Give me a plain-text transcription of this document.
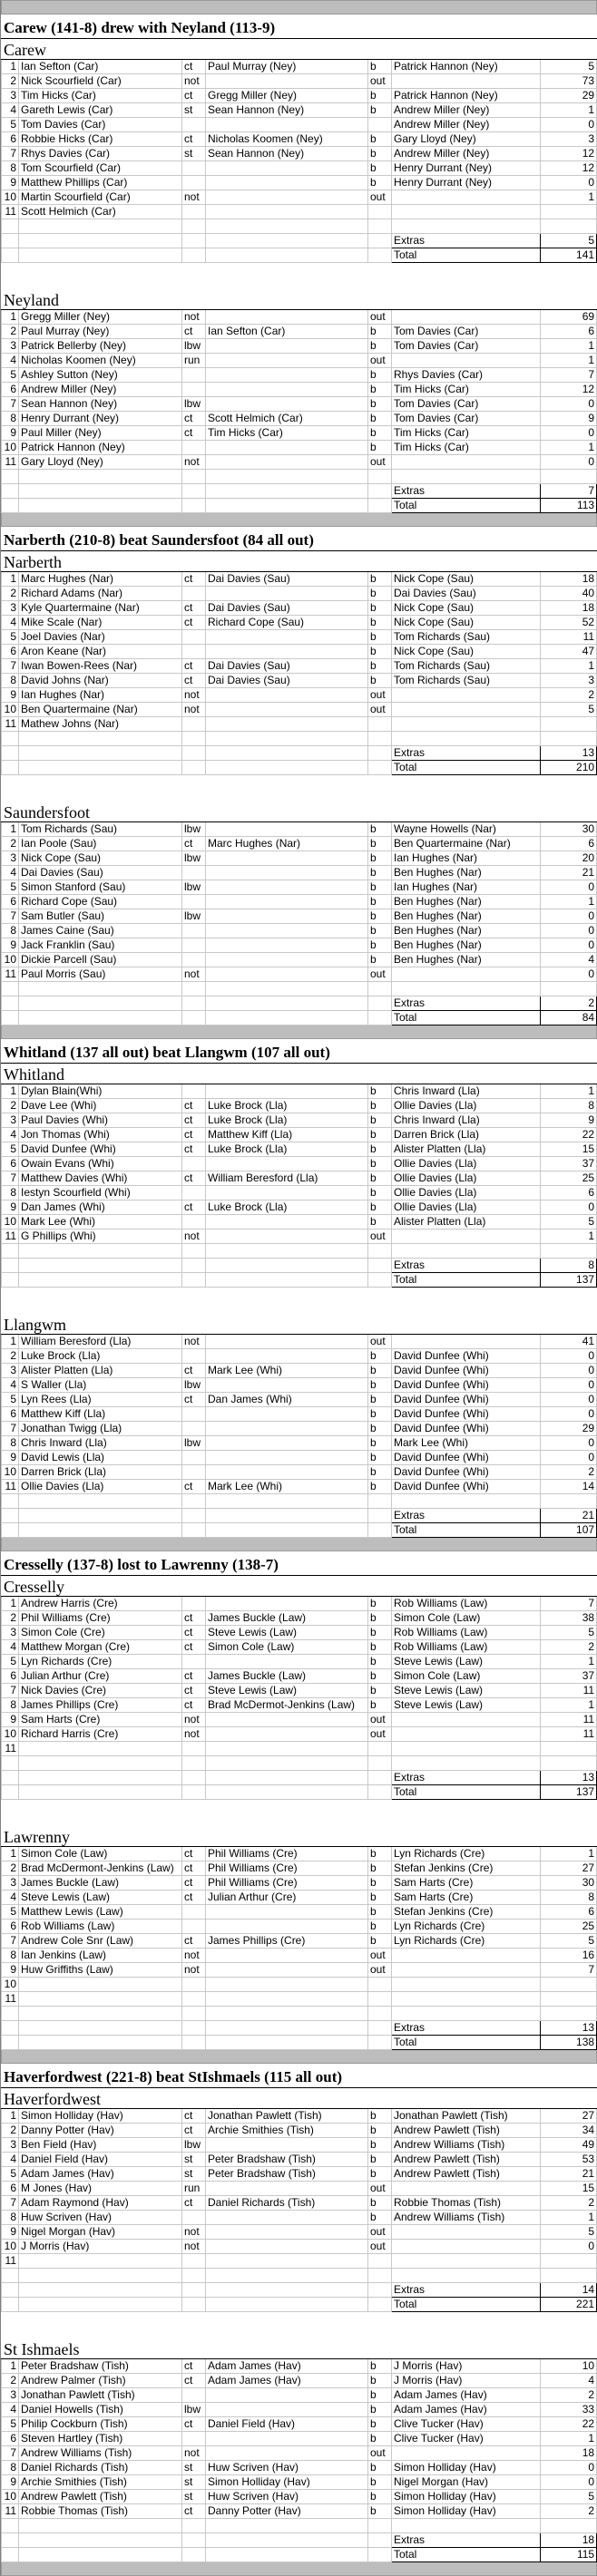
Carew (141-8) drew with Neyland (113-9)						
Carew						
1	Ian Sefton (Car)	ct	Paul Murray (Ney)	b	Patrick Hannon (Ney)	5
2	Nick Scourfield (Car)	not		out		73
3	Tim Hicks (Car)	ct	Gregg Miller (Ney)	b	Patrick Hannon (Ney)	29
4	Gareth Lewis (Car)	st	Sean Hannon (Ney)	b	Andrew Miller (Ney)	1
5	Tom Davies (Car)				Andrew Miller (Ney)	0
6	Robbie Hicks (Car)	ct	Nicholas Koomen (Ney)	b	Gary Lloyd (Ney)	3
7	Rhys Davies (Car)	st	Sean Hannon (Ney)	b	Andrew Miller (Ney)	12
8	Tom Scourfield (Car)			b	Henry Durrant (Ney)	12
9	Matthew Phillips (Car)			b	Henry Durrant (Ney)	0
10	Martin Scourfield (Car)	not		out		1
11	Scott Helmich (Car)					

					Extras	5
					Total	141

Neyland						
1	Gregg Miller (Ney)	not		out		69
2	Paul Murray (Ney)	ct	Ian Sefton (Car)	b	Tom Davies (Car)	6
3	Patrick Bellerby (Ney)	lbw		b	Tom Davies (Car)	1
4	Nicholas Koomen (Ney)	run		out		1
5	Ashley Sutton (Ney)			b	Rhys Davies (Car)	7
6	Andrew Miller (Ney)			b	Tim Hicks (Car)	12
7	Sean Hannon (Ney)	lbw		b	Tom Davies (Car)	0
8	Henry Durrant (Ney)	ct	Scott Helmich (Car)	b	Tom Davies (Car)	9
9	Paul Miller (Ney)	ct	Tim Hicks (Car)	b	Tim Hicks (Car)	0
10	Patrick Hannon (Ney)			b	Tim Hicks (Car)	1
11	Gary Lloyd (Ney)	not		out		0

					Extras	7
					Total	113

Narberth (210-8) beat Saundersfoot (84 all out)						
Narberth						
1	Marc Hughes (Nar)	ct	Dai Davies (Sau)	b	Nick Cope (Sau)	18
2	Richard Adams (Nar)			b	Dai Davies (Sau)	40
3	Kyle Quartermaine (Nar)	ct	Dai Davies (Sau)	b	Nick Cope (Sau)	18
4	Mike Scale (Nar)	ct	Richard Cope (Sau)	b	Nick Cope (Sau)	52
5	Joel Davies (Nar)			b	Tom Richards (Sau)	11
6	Aron Keane (Nar)			b	Nick Cope (Sau)	47
7	Iwan Bowen-Rees (Nar)	ct	Dai Davies (Sau)	b	Tom Richards (Sau)	1
8	David Johns (Nar)	ct	Dai Davies (Sau)	b	Tom Richards (Sau)	3
9	Ian Hughes (Nar)	not		out		2
10	Ben Quartermaine (Nar)	not		out		5
11	Mathew Johns (Nar)					

					Extras	13
					Total	210

Saundersfoot						
1	Tom Richards (Sau)	lbw		b	Wayne Howells (Nar)	30
2	Ian Poole (Sau)	ct	Marc Hughes (Nar)	b	Ben Quartermaine (Nar)	6
3	Nick Cope (Sau)	lbw		b	Ian Hughes (Nar)	20
4	Dai Davies (Sau)			b	Ben Hughes (Nar)	21
5	Simon Stanford (Sau)	lbw		b	Ian Hughes (Nar)	0
6	Richard Cope (Sau)			b	Ben Hughes (Nar)	1
7	Sam Butler (Sau)	lbw		b	Ben Hughes (Nar)	0
8	James Caine (Sau)			b	Ben Hughes (Nar)	0
9	Jack Franklin (Sau)			b	Ben Hughes (Nar)	0
10	Dickie Parcell (Sau)			b	Ben Hughes (Nar)	4
11	Paul Morris (Sau)	not		out		0

					Extras	2
					Total	84

Whitland (137 all out) beat Llangwm (107 all out)						
Whitland						
1	Dylan Blain(Whi)			b	Chris Inward (Lla)	1
2	Dave Lee (Whi)	ct	Luke Brock (Lla)	b	Ollie Davies (Lla)	8
3	Paul Davies (Whi)	ct	Luke Brock (Lla)	b	Chris Inward (Lla)	9
4	Jon Thomas (Whi)	ct	Matthew Kiff (Lla)	b	Darren Brick (Lla)	22
5	David Dunfee (Whi)	ct	Luke Brock (Lla)	b	Alister Platten (Lla)	15
6	Owain Evans (Whi)			b	Ollie Davies (Lla)	37
7	Matthew Davies (Whi)	ct	William Beresford (Lla)	b	Ollie Davies (Lla)	25
8	Iestyn Scourfield (Whi)			b	Ollie Davies (Lla)	6
9	Dan James (Whi)	ct	Luke Brock (Lla)	b	Ollie Davies (Lla)	0
10	Mark Lee (Whi)			b	Alister Platten (Lla)	5
11	G Phillips (Whi)	not		out		1

					Extras	8
					Total	137

Llangwm						
1	William Beresford (Lla)	not		out		41
2	Luke Brock (Lla)			b	David Dunfee (Whi)	0
3	Alister Platten (Lla)	ct	Mark Lee (Whi)	b	David Dunfee (Whi)	0
4	S Waller (Lla)	lbw		b	David Dunfee (Whi)	0
5	Lyn Rees (Lla)	ct	Dan James (Whi)	b	David Dunfee (Whi)	0
6	Matthew Kiff (Lla)			b	David Dunfee (Whi)	0
7	Jonathan Twigg (Lla)			b	David Dunfee (Whi)	29
8	Chris Inward (Lla)	lbw		b	Mark Lee (Whi)	0
9	David Lewis (Lla)			b	David Dunfee (Whi)	0
10	Darren Brick (Lla)			b	David Dunfee (Whi)	2
11	Ollie Davies (Lla)	ct	Mark Lee (Whi)	b	David Dunfee (Whi)	14

					Extras	21
					Total	107

Cresselly (137-8) lost to Lawrenny (138-7)						
Cresselly						
1	Andrew Harris (Cre)			b	Rob Williams (Law)	7
2	Phil Williams (Cre)	ct	James Buckle (Law)	b	Simon Cole (Law)	38
3	Simon Cole (Cre)	ct	Steve Lewis (Law)	b	Rob Williams (Law)	5
4	Matthew Morgan (Cre)	ct	Simon Cole (Law)	b	Rob Williams (Law)	2
5	Lyn Richards (Cre)			b	Steve Lewis (Law)	1
6	Julian Arthur (Cre)	ct	James Buckle (Law)	b	Simon Cole (Law)	37
7	Nick Davies (Cre)	ct	Steve Lewis (Law)	b	Steve Lewis (Law)	11
8	James Phillips (Cre)	ct	Brad McDermot-Jenkins (Law)	b	Steve Lewis (Law)	1
9	Sam Harts (Cre)	not		out		11
10	Richard Harris (Cre)	not		out		11
11						

					Extras	13
					Total	137

Lawrenny						
1	Simon Cole (Law)	ct	Phil Williams (Cre)	b	Lyn Richards (Cre)	1
2	Brad McDermont-Jenkins (Law)	ct	Phil Williams (Cre)	b	Stefan Jenkins (Cre)	27
3	James Buckle (Law)	ct	Phil Williams (Cre)	b	Sam Harts (Cre)	30
4	Steve Lewis (Law)	ct	Julian Arthur (Cre)	b	Sam Harts (Cre)	8
5	Matthew Lewis (Law)			b	Stefan Jenkins (Cre)	6
6	Rob Williams (Law)			b	Lyn Richards (Cre)	25
7	Andrew Cole Snr (Law)	ct	James Phillips (Cre)	b	Lyn Richards (Cre)	5
8	Ian Jenkins (Law)	not		out		16
9	Huw Griffiths (Law)	not		out		7
10						
11						

					Extras	13
					Total	138

Haverfordwest (221-8) beat StIshmaels (115 all out)						
Haverfordwest						
1	Simon Holliday (Hav)	ct	Jonathan Pawlett (Tish)	b	Jonathan Pawlett (Tish)	27
2	Danny Potter (Hav)	ct	Archie Smithies (Tish)	b	Andrew Pawlett (Tish)	34
3	Ben Field (Hav)	lbw		b	Andrew Williams (Tish)	49
4	Daniel Field (Hav)	st	Peter Bradshaw (Tish)	b	Andrew Pawlett (Tish)	53
5	Adam James (Hav)	st	Peter Bradshaw (Tish)	b	Andrew Pawlett (Tish)	21
6	M Jones (Hav)	run		out		15
7	Adam Raymond (Hav)	ct	Daniel Richards (Tish)	b	Robbie Thomas (Tish)	2
8	Huw Scriven (Hav)			b	Andrew Williams (Tish)	1
9	Nigel Morgan (Hav)	not		out		5
10	J Morris (Hav)	not		out		0
11						

					Extras	14
					Total	221

St Ishmaels						
1	Peter Bradshaw (Tish)	ct	Adam James (Hav)	b	J Morris (Hav)	10
2	Andrew Palmer (Tish)	ct	Adam James (Hav)	b	J Morris (Hav)	4
3	Jonathan Pawlett (Tish)			b	Adam James (Hav)	2
4	Daniel Howells (Tish)	lbw		b	Adam James (Hav)	33
5	Philip Cockburn (Tish)	ct	Daniel Field (Hav)	b	Clive Tucker (Hav)	22
6	Steven Hartley (Tish)			b	Clive Tucker (Hav)	1
7	Andrew Williams (Tish)	not		out		18
8	Daniel Richards (Tish)	st	Huw Scriven (Hav)	b	Simon Holliday (Hav)	0
9	Archie Smithies (Tish)	st	Simon Holliday (Hav)	b	Nigel Morgan (Hav)	0
10	Andrew Pawlett (Tish)	st	Huw Scriven (Hav)	b	Simon Holliday (Hav)	5
11	Robbie Thomas (Tish)	ct	Danny Potter (Hav)	b	Simon Holliday (Hav)	2

					Extras	18
					Total	115
